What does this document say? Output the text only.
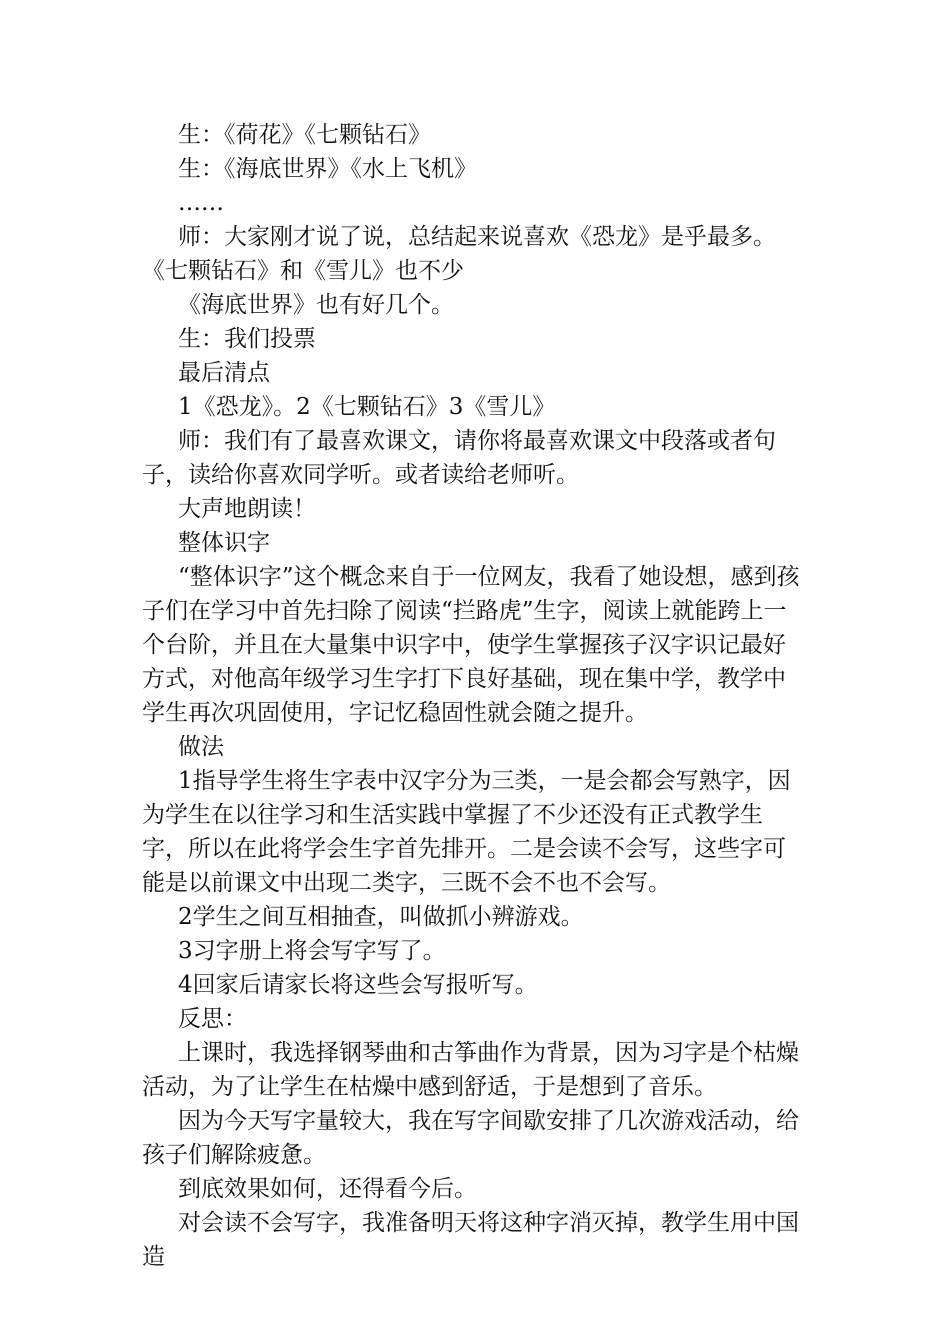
生：《荷花》《七颗钻石》

生：《海底世界》《水上飞机》

……

师：大家刚才说了说，总结起来说喜欢《恐龙》是乎最多。《七颗钻石》和《雪儿》也不少

《海底世界》也有好几个。

生：我们投票

最后清点

1《恐龙》。2《七颗钻石》3《雪儿》

师：我们有了最喜欢课文，请你将最喜欢课文中段落或者句子，读给你喜欢同学听。或者读给老师听。

大声地朗读！

整体识字

“整体识字”这个概念来自于一位网友，我看了她设想，感到孩子们在学习中首先扫除了阅读“拦路虎”生字，阅读上就能跨上一个台阶，并且在大量集中识字中，使学生掌握孩子汉字识记最好方式，对他高年级学习生字打下良好基础，现在集中学，教学中学生再次巩固使用，字记忆稳固性就会随之提升。

做法

1指导学生将生字表中汉字分为三类，一是会都会写熟字，因为学生在以往学习和生活实践中掌握了不少还没有正式教学生字，所以在此将学会生字首先排开。二是会读不会写，这些字可能是以前课文中出现二类字，三既不会不也不会写。

2学生之间互相抽查，叫做抓小辨游戏。

3习字册上将会写字写了。

4回家后请家长将这些会写报听写。

反思：

上课时，我选择钢琴曲和古筝曲作为背景，因为习字是个枯燥活动，为了让学生在枯燥中感到舒适，于是想到了音乐。

因为今天写字量较大，我在写字间歇安排了几次游戏活动，给孩子们解除疲惫。

到底效果如何，还得看今后。

对会读不会写字，我准备明天将这种字消灭掉，教学生用中国造
